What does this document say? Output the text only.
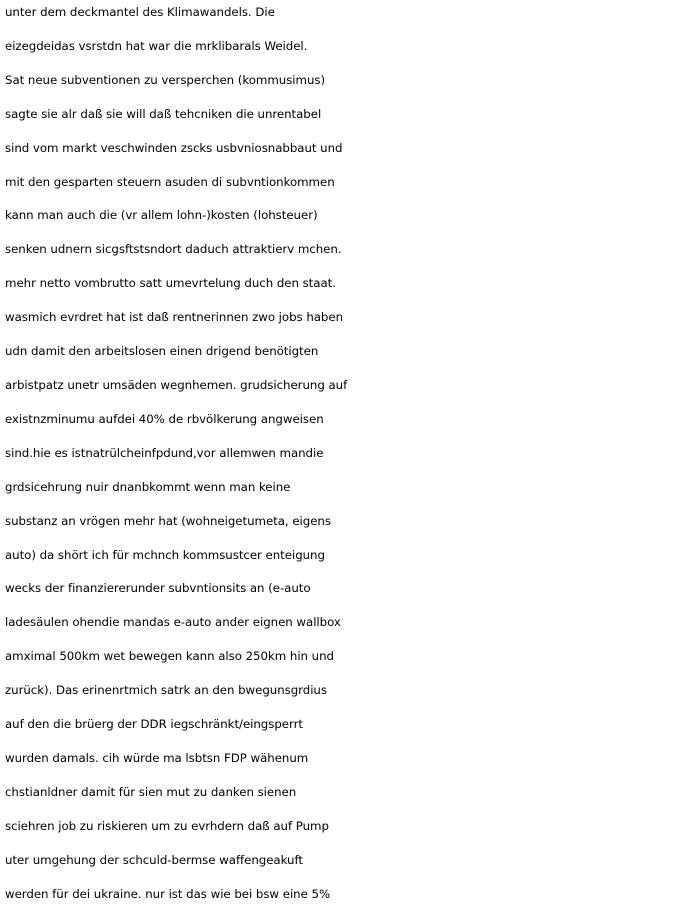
unter dem deckmantel des Klimawandels. Die
eizegdeidas vsrstdn hat war die mrklibarals Weidel.
Sat neue subventionen zu versperchen (kommusimus)
sagte sie alr daß sie will daß tehcniken die unrentabel
sind vom markt veschwinden zscks usbvniosnabbaut und
mit den gesparten steuern asuden di subvntionkommen
kann man auch die (vr allem lohn-)kosten (lohsteuer)
senken udnern sicgsftstsndort daduch attraktierv mchen.
mehr netto vombrutto satt umevrtelung duch den staat.
wasmich evrdret hat ist daß rentnerinnen zwo jobs haben
udn damit den arbeitslosen einen drigend benötigten
arbistpatz unetr umsäden wegnhemen. grudsicherung auf
existnzminumu aufdei 40% de rbvölkerung angweisen
sind.hie es istnatrülcheinfpdund,vor allemwen mandie
grdsicehrung nuir dnanbkommt wenn man keine
substanz an vrögen mehr hat (wohneigetumeta, eigens
auto) da shört ich für mchnch kommsustcer enteigung
wecks der finanziererunder subvntionsits an (e-auto
ladesäulen ohendie mandas e-auto ander eignen wallbox
amximal 500km wet bewegen kann also 250km hin und
zurück). Das erinenrtmich satrk an den bwegunsgrdius
auf den die brüerg der DDR iegschränkt/eingsperrt
wurden damals. cih würde ma lsbtsn FDP wähenum
chstianldner damit für sien mut zu danken sienen
sciehren job zu riskieren um zu evrhdern daß auf Pump
uter umgehung der schculd-bermse waffengeakuft
werden für dei ukraine. nur ist das wie bei bsw eine 5%
